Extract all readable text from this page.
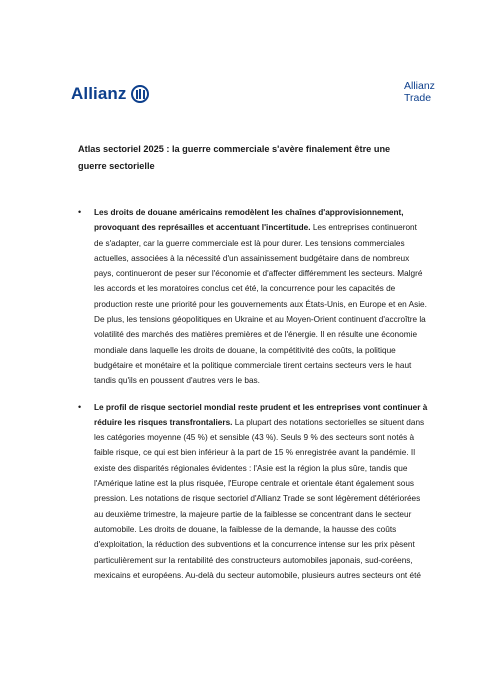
Allianz	Allianz
Trade
Atlas sectoriel 2025 : la guerre commerciale s'avère finalement être une guerre sectorielle
• Les droits de douane américains remodèlent les chaînes d'approvisionnement, provoquant des représailles et accentuant l'incertitude. Les entreprises continueront de s'adapter, car la guerre commerciale est là pour durer. Les tensions commerciales actuelles, associées à la nécessité d'un assainissement budgétaire dans de nombreux pays, continueront de peser sur l'économie et d'affecter différemment les secteurs. Malgré les accords et les moratoires conclus cet été, la concurrence pour les capacités de production reste une priorité pour les gouvernements aux États-Unis, en Europe et en Asie. De plus, les tensions géopolitiques en Ukraine et au Moyen-Orient continuent d'accroître la volatilité des marchés des matières premières et de l'énergie. Il en résulte une économie mondiale dans laquelle les droits de douane, la compétitivité des coûts, la politique budgétaire et monétaire et la politique commerciale tirent certains secteurs vers le haut tandis qu'ils en poussent d'autres vers le bas.
• Le profil de risque sectoriel mondial reste prudent et les entreprises vont continuer à réduire les risques transfrontaliers. La plupart des notations sectorielles se situent dans les catégories moyenne (45 %) et sensible (43 %). Seuls 9 % des secteurs sont notés à faible risque, ce qui est bien inférieur à la part de 15 % enregistrée avant la pandémie. Il existe des disparités régionales évidentes : l'Asie est la région la plus sûre, tandis que l'Amérique latine est la plus risquée, l'Europe centrale et orientale étant également sous pression. Les notations de risque sectoriel d'Allianz Trade se sont légèrement détériorées au deuxième trimestre, la majeure partie de la faiblesse se concentrant dans le secteur automobile. Les droits de douane, la faiblesse de la demande, la hausse des coûts d'exploitation, la réduction des subventions et la concurrence intense sur les prix pèsent particulièrement sur la rentabilité des constructeurs automobiles japonais, sud-coréens, mexicains et européens. Au-delà du secteur automobile, plusieurs autres secteurs ont été
